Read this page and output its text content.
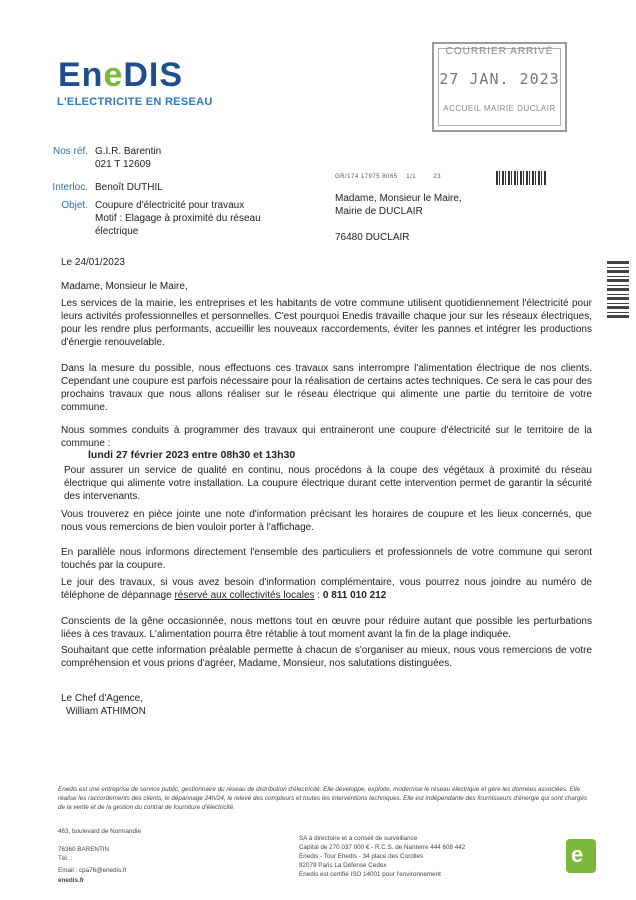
EneDIS
L'ELECTRICITE EN RESEAU
COURRIER ARRIVÉ
27 JAN. 2023
ACCUEIL MAIRIE DUCLAIR
Nos réf. G.I.R. Barentin
021 T 12609
Interloc. Benoît DUTHIL
Objet. Coupure d'électricité pour travaux
Motif : Elagage à proximité du réseau
électrique
GR/174 17975 8065    1/1        23
Madame, Monsieur le Maire,
Mairie de DUCLAIR
76480 DUCLAIR
Le 24/01/2023
Madame, Monsieur le Maire,
Les services de la mairie, les entreprises et les habitants de votre commune utilisent quotidiennement l'électricité pour leurs activités professionnelles et personnelles. C'est pourquoi Enedis travaille chaque jour sur les réseaux électriques, pour les rendre plus performants, accueillir les nouveaux raccordements, éviter les pannes et intégrer les productions d'énergie renouvelable.
Dans la mesure du possible, nous effectuons ces travaux sans interrompre l'alimentation électrique de nos clients. Cependant une coupure est parfois nécessaire pour la réalisation de certains actes techniques. Ce sera le cas pour des prochains travaux que nous allons réaliser sur le réseau électrique qui alimente une partie du territoire de votre commune.
Nous sommes conduits à programmer des travaux qui entraineront une coupure d'électricité sur le territoire de la commune :
lundi 27 février 2023 entre 08h30 et 13h30
Pour assurer un service de qualité en continu, nous procédons à la coupe des végétaux à proximité du réseau électrique qui alimente votre installation. La coupure électrique durant cette intervention permet de garantir la sécurité des intervenants.
Vous trouverez en pièce jointe une note d'information précisant les horaires de coupure et les lieux concernés, que nous vous remercions de bien vouloir porter à l'affichage.
En parallèle nous informons directement l'ensemble des particuliers et professionnels de votre commune qui seront touchés par la coupure.
Le jour des travaux, si vous avez besoin d'information complémentaire, vous pourrez nous joindre au numéro de téléphone de dépannage réservé aux collectivités locales : 0 811 010 212
Conscients de la gêne occasionnée, nous mettons tout en œuvre pour réduire autant que possible les perturbations liées à ces travaux. L'alimentation pourra être rétablie à tout moment avant la fin de la plage indiquée.
Souhaitant que cette information préalable permette à chacun de s'organiser au mieux, nous vous remercions de votre compréhension et vous prions d'agréer, Madame, Monsieur, nos salutations distinguées.
Le Chef d'Agence,
William ATHIMON
Enedis est une entreprise de service public, gestionnaire du réseau de distribution d'électricité. Elle développe, exploite, modernise le réseau électrique et gère les données associées. Elle réalise les raccordements des clients, le dépannage 24h/24, le relevé des compteurs et toutes les interventions techniques. Elle est indépendante des fournisseurs d'énergie qui sont chargés de la vente et de la gestion du contrat de fourniture d'électricité.
463, boulevard de Normandie
76360 BARENTIN
Tél. :
Email : cpa76@enedis.fr
enedis.fr
SA à directoire et à conseil de surveillance
Capital de 270 037 000 € - R.C.S. de Nanterre 444 608 442
Enedis - Tour Enedis - 34 place des Corolles
92079 Paris La Défense Cedex
Enedis est certifié ISO 14001 pour l'environnement
e
